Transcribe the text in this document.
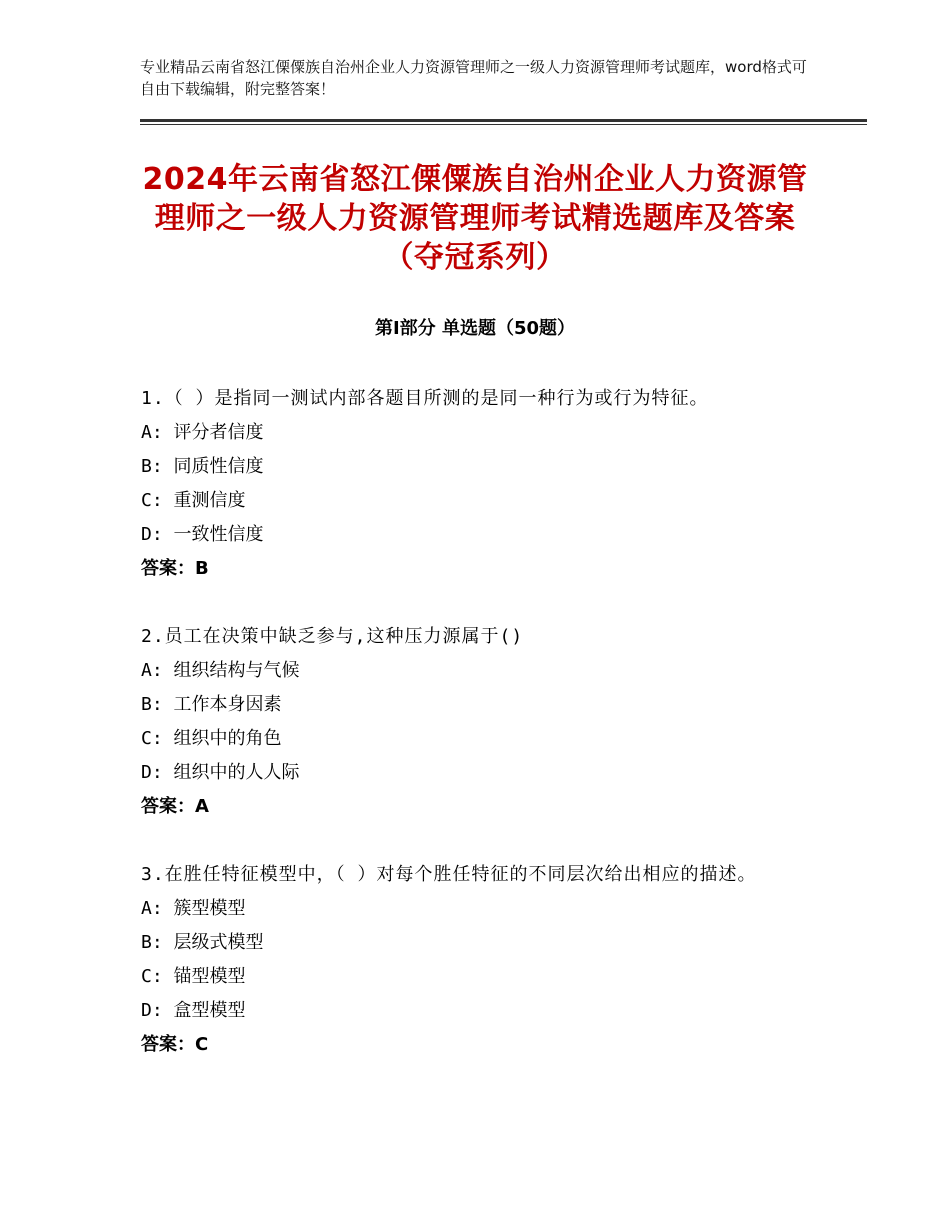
专业精品云南省怒江傈僳族自治州企业人力资源管理师之一级人力资源管理师考试题库，word格式可自由下载编辑，附完整答案！
2024年云南省怒江傈僳族自治州企业人力资源管理师之一级人力资源管理师考试精选题库及答案（夺冠系列）
第Ⅰ部分 单选题（50题）
1.（ ）是指同一测试内部各题目所测的是同一种行为或行为特征。
A: 评分者信度
B: 同质性信度
C: 重测信度
D: 一致性信度
答案：B
2.员工在决策中缺乏参与,这种压力源属于()
A: 组织结构与气候
B: 工作本身因素
C: 组织中的角色
D: 组织中的人人际
答案：A
3.在胜任特征模型中，（ ）对每个胜任特征的不同层次给出相应的描述。
A: 簇型模型
B: 层级式模型
C: 锚型模型
D: 盒型模型
答案：C
